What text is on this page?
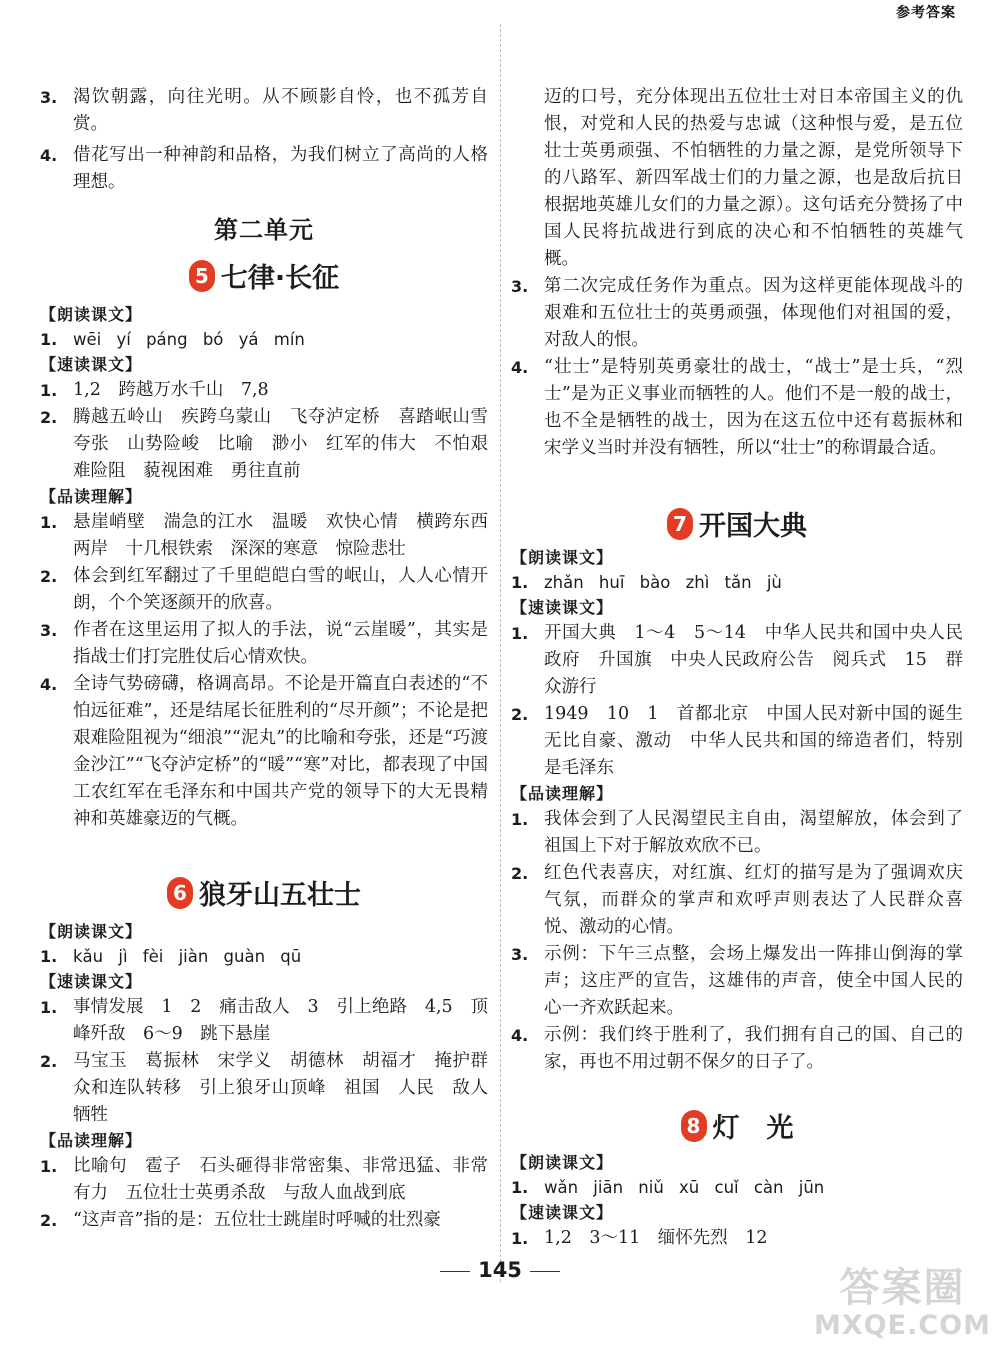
参考答案
3. 渴饮朝露，向往光明。从不顾影自怜，也不孤芳自赏。
4. 借花写出一种神韵和品格，为我们树立了高尚的人格理想。
第二单元
5 七律·长征
【朗读课文】
1. wēi yí páng bó yá mín
【速读课文】
1. 1,2　跨越万水千山　7,8
2. 腾越五岭山　疾跨乌蒙山　飞夺泸定桥　喜踏岷山雪　夸张　山势险峻　比喻　渺小　红军的伟大　不怕艰难险阻　藐视困难　勇往直前
【品读理解】
1. 悬崖峭壁　湍急的江水　温暖　欢快心情　横跨东西两岸　十几根铁索　深深的寒意　惊险悲壮
2. 体会到红军翻过了千里皑皑白雪的岷山，人人心情开朗，个个笑逐颜开的欣喜。
3. 作者在这里运用了拟人的手法，说“云崖暖”，其实是指战士们打完胜仗后心情欢快。
4. 全诗气势磅礴，格调高昂。不论是开篇直白表述的“不怕远征难”，还是结尾长征胜利的“尽开颜”；不论是把艰难险阻视为“细浪”“泥丸”的比喻和夸张，还是“巧渡金沙江”“飞夺泸定桥”的“暖”“寒”对比，都表现了中国工农红军在毛泽东和中国共产党的领导下的大无畏精神和英雄豪迈的气概。
6 狼牙山五壮士
【朗读课文】
1. kǎu jì fèi jiàn guàn qū
【速读课文】
1. 事情发展　1　2　痛击敌人　3　引上绝路　4,5　顶峰歼敌　6～9　跳下悬崖
2. 马宝玉　葛振林　宋学义　胡德林　胡福才　掩护群众和连队转移　引上狼牙山顶峰　祖国　人民　敌人　牺牲
【品读理解】
1. 比喻句　雹子　石头砸得非常密集、非常迅猛、非常有力　五位壮士英勇杀敌　与敌人血战到底
2. “这声音”指的是：五位壮士跳崖时呼喊的壮烈豪
迈的口号，充分体现出五位壮士对日本帝国主义的仇恨，对党和人民的热爱与忠诚（这种恨与爱，是五位壮士英勇顽强、不怕牺牲的力量之源，是党所领导下的八路军、新四军战士们的力量之源，也是敌后抗日根据地英雄儿女们的力量之源）。这句话充分赞扬了中国人民将抗战进行到底的决心和不怕牺牲的英雄气概。
3. 第二次完成任务作为重点。因为这样更能体现战斗的艰难和五位壮士的英勇顽强，体现他们对祖国的爱，对敌人的恨。
4. “壮士”是特别英勇豪壮的战士，“战士”是士兵，“烈士”是为正义事业而牺牲的人。他们不是一般的战士，也不全是牺牲的战士，因为在这五位中还有葛振林和宋学义当时并没有牺牲，所以“壮士”的称谓最合适。
7 开国大典
【朗读课文】
1. zhǎn huī bào zhì tǎn jù
【速读课文】
1. 开国大典　1～4　5～14　中华人民共和国中央人民政府　升国旗　中央人民政府公告　阅兵式　15　群众游行
2. 1949　10　1　首都北京　中国人民对新中国的诞生无比自豪、激动　中华人民共和国的缔造者们，特别是毛泽东
【品读理解】
1. 我体会到了人民渴望民主自由，渴望解放，体会到了祖国上下对于解放欢欣不已。
2. 红色代表喜庆，对红旗、红灯的描写是为了强调欢庆气氛，而群众的掌声和欢呼声则表达了人民群众喜悦、激动的心情。
3. 示例：下午三点整，会场上爆发出一阵排山倒海的掌声；这庄严的宣告，这雄伟的声音，使全中国人民的心一齐欢跃起来。
4. 示例：我们终于胜利了，我们拥有自己的国、自己的家，再也不用过朝不保夕的日子了。
8 灯　光
【朗读课文】
1. wǎn jiān niǔ xū cuǐ càn jūn
【速读课文】
1. 1,2　3～11　缅怀先烈　12
145	答案圈
MXQE.COM
